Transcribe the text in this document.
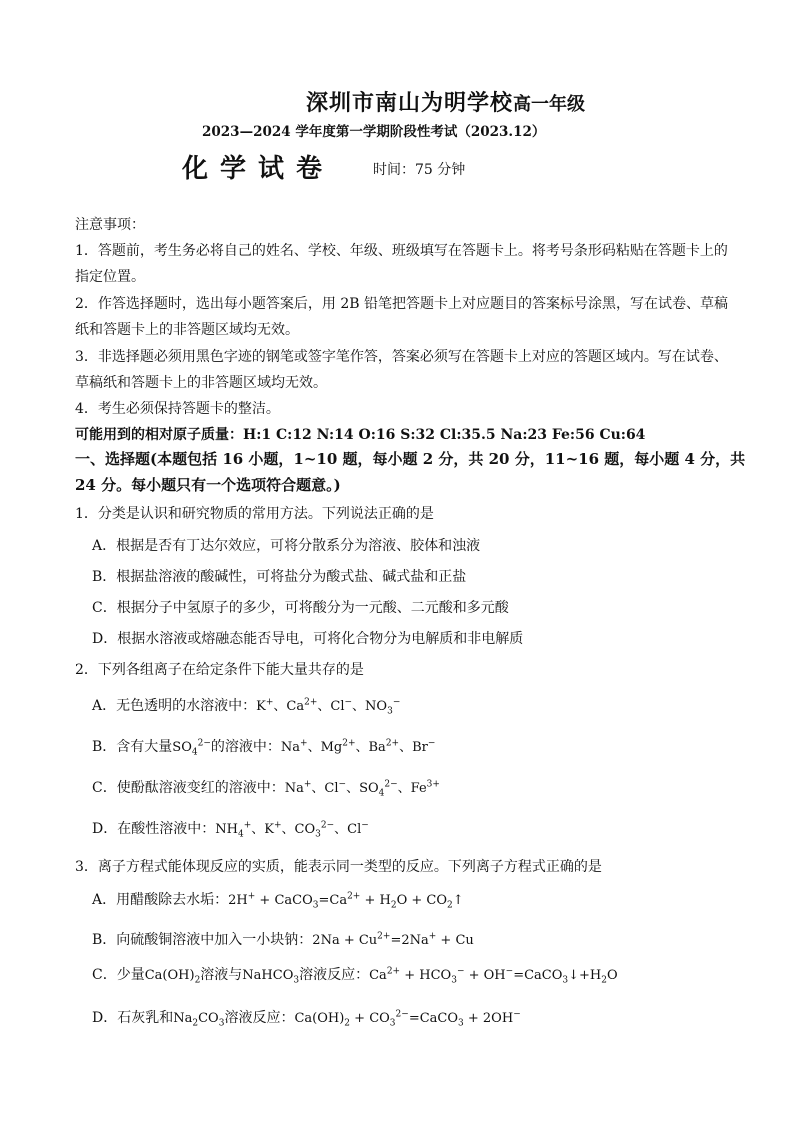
深圳市南山为明学校高一年级
2023—2024 学年度第一学期阶段性考试（2023.12）
化学试卷	时间：75 分钟
注意事项：
1．答题前，考生务必将自己的姓名、学校、年级、班级填写在答题卡上。将考号条形码粘贴在答题卡上的
指定位置。
2．作答选择题时，选出每小题答案后，用 2B 铅笔把答题卡上对应题目的答案标号涂黑，写在试卷、草稿
纸和答题卡上的非答题区域均无效。
3．非选择题必须用黑色字迹的钢笔或签字笔作答，答案必须写在答题卡上对应的答题区域内。写在试卷、
草稿纸和答题卡上的非答题区域均无效。
4．考生必须保持答题卡的整洁。
可能用到的相对原子质量：H:1 C:12 N:14 O:16 S:32 Cl:35.5 Na:23 Fe:56 Cu:64
一、选择题(本题包括 16 小题，1~10 题，每小题 2 分，共 20 分，11~16 题，每小题 4 分，共
24 分。每小题只有一个选项符合题意。)
1．分类是认识和研究物质的常用方法。下列说法正确的是
A．根据是否有丁达尔效应，可将分散系分为溶液、胶体和浊液
B．根据盐溶液的酸碱性，可将盐分为酸式盐、碱式盐和正盐
C．根据分子中氢原子的多少，可将酸分为一元酸、二元酸和多元酸
D．根据水溶液或熔融态能否导电，可将化合物分为电解质和非电解质
2．下列各组离子在给定条件下能大量共存的是
A．无色透明的水溶液中：K+、$Ca^{2+}$、Cl−、$NO_3^-$
B．含有大量$SO_4^{2-}$的溶液中：Na+、$Mg^{2+}$、$Ba^{2+}$、Br−
C．使酚酞溶液变红的溶液中：Na+、Cl−、$SO_4^{2-}$、$Fe^{3+}$
D．在酸性溶液中：$NH_4^+$、K+、$CO_3^{2-}$、Cl−
3．离子方程式能体现反应的实质，能表示同一类型的反应。下列离子方程式正确的是
A．用醋酸除去水垢：$2H^+ + CaCO_3=Ca^{2+} + H_2O$ + $CO_2↑$
B．向硫酸铜溶液中加入一小块钠：$2Na + Cu^{2+}=2Na^+ + Cu$
C．少量$Ca(OH)_2$溶液与NaHCO$_3$溶液反应：$Ca^{2+} + HCO_3^-$ + $OH^-=CaCO_3↓+H_2O$
D．石灰乳和$Na_2CO_3$溶液反应：$Ca(OH)_2$ + $CO_3^{2-}=CaCO_3 + 2OH^-$
